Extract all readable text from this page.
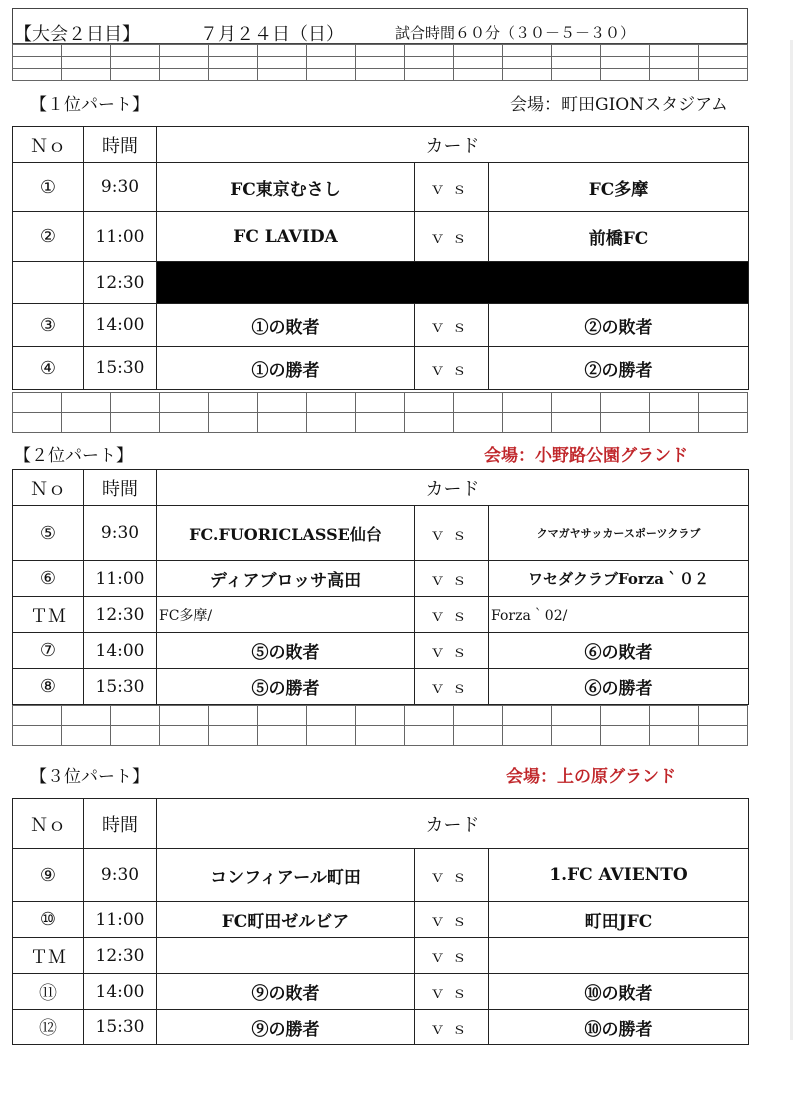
【大会２日目】	７月２４日（日）	試合時間６０分（３０－５－３０）

【１位パート】	会場：町田GIONスタジアム
Ｎｏ	時間	カード		
①	9:30	FC東京むさし	ｖｓ	FC多摩
②	11:00	FC LAVIDA	ｖｓ	前橋FC
	12:30			
③	14:00	①の敗者	ｖｓ	②の敗者
④	15:30	①の勝者	ｖｓ	②の勝者

【２位パート】	会場：小野路公園グランド
Ｎｏ	時間	カード		
⑤	9:30	FC.FUORICLASSE仙台	ｖｓ	クマガヤサッカースポーツクラブ
⑥	11:00	ディアブロッサ高田	ｖｓ	ワセダクラブForza｀０２
ＴＭ	12:30	FC多摩/	ｖｓ	Forza｀02/
⑦	14:00	⑤の敗者	ｖｓ	⑥の敗者
⑧	15:30	⑤の勝者	ｖｓ	⑥の勝者

【３位パート】	会場：上の原グランド
Ｎｏ	時間	カード		
⑨	9:30	コンフィアール町田	ｖｓ	1.FC AVIENTO
⑩	11:00	FC町田ゼルビア	ｖｓ	町田JFC
ＴＭ	12:30		ｖｓ	
⑪	14:00	⑨の敗者	ｖｓ	⑩の敗者
⑫	15:30	⑨の勝者	ｖｓ	⑩の勝者
